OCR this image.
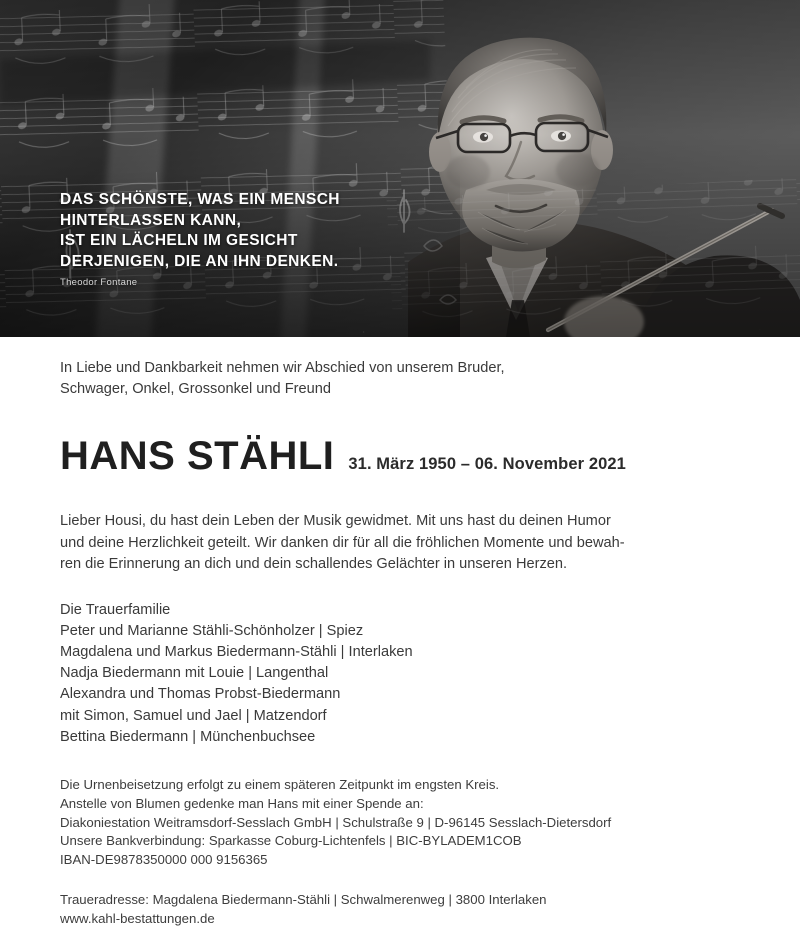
DAS SCHÖNSTE, WAS EIN MENSCH
HINTERLASSEN KANN,
IST EIN LÄCHELN IM GESICHT
DERJENIGEN, DIE AN IHN DENKEN.
Theodor Fontane
In Liebe und Dankbarkeit nehmen wir Abschied von unserem Bruder,
Schwager, Onkel, Grossonkel und Freund
HANS STÄHLI 31. März 1950 – 06. November 2021
Lieber Housi, du hast dein Leben der Musik gewidmet. Mit uns hast du deinen Humor
und deine Herzlichkeit geteilt. Wir danken dir für all die fröhlichen Momente und bewah-
ren die Erinnerung an dich und dein schallendes Gelächter in unseren Herzen.
Die Trauerfamilie
Peter und Marianne Stähli-Schönholzer | Spiez
Magdalena und Markus Biedermann-Stähli | Interlaken
Nadja Biedermann mit Louie | Langenthal
Alexandra und Thomas Probst-Biedermann
mit Simon, Samuel und Jael | Matzendorf
Bettina Biedermann | Münchenbuchsee
Die Urnenbeisetzung erfolgt zu einem späteren Zeitpunkt im engsten Kreis.
Anstelle von Blumen gedenke man Hans mit einer Spende an:
Diakoniestation Weitramsdorf-Sesslach GmbH | Schulstraße 9 | D-96145 Sesslach-Dietersdorf
Unsere Bankverbindung: Sparkasse Coburg-Lichtenfels | BIC-BYLADEM1COB
IBAN-DE9878350000 000 9156365
Traueradresse: Magdalena Biedermann-Stähli | Schwalmerenweg | 3800 Interlaken
www.kahl-bestattungen.de
